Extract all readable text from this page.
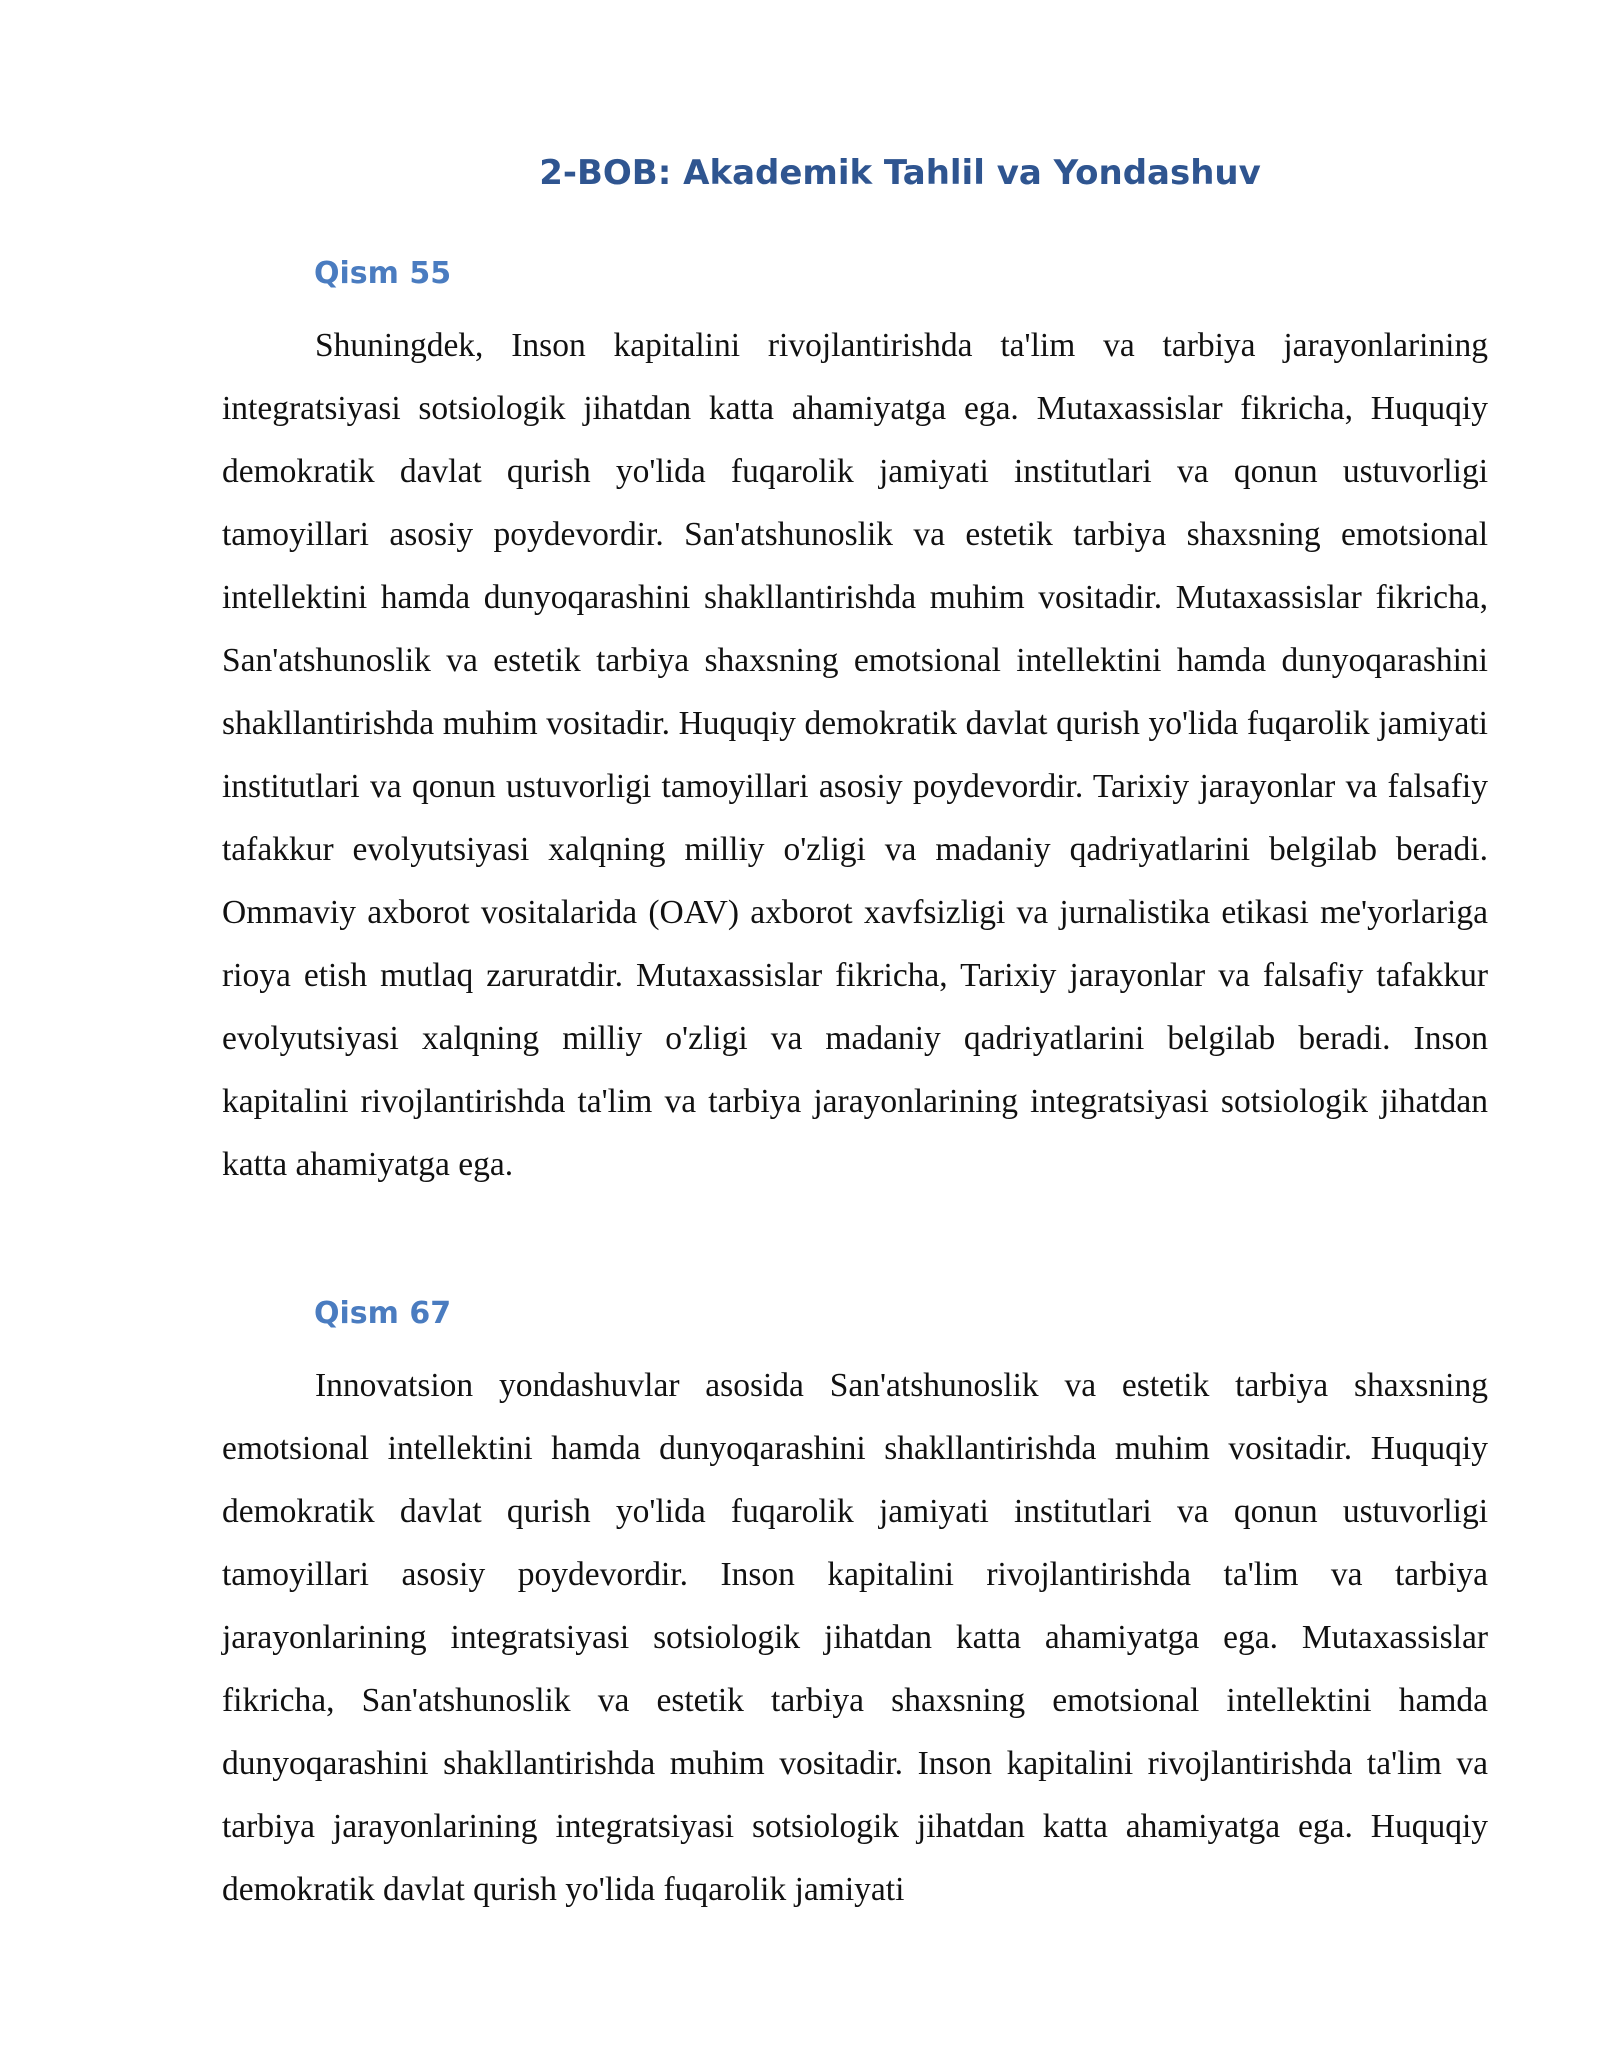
2-BOB: Akademik Tahlil va Yondashuv
Qism 55

Shuningdek, Inson kapitalini rivojlantirishda ta'lim va tarbiya jarayonlarining integratsiyasi sotsiologik jihatdan katta ahamiyatga ega. Mutaxassislar fikricha, Huquqiy demokratik davlat qurish yo'lida fuqarolik jamiyati institutlari va qonun ustuvorligi tamoyillari asosiy poydevordir. San'atshunoslik va estetik tarbiya shaxsning emotsional intellektini hamda dunyoqarashini shakllantirishda muhim vositadir. Mutaxassislar fikricha, San'atshunoslik va estetik tarbiya shaxsning emotsional intellektini hamda dunyoqarashini shakllantirishda muhim vositadir. Huquqiy demokratik davlat qurish yo'lida fuqarolik jamiyati institutlari va qonun ustuvorligi tamoyillari asosiy poydevordir. Tarixiy jarayonlar va falsafiy tafakkur evolyutsiyasi xalqning milliy o'zligi va madaniy qadriyatlarini belgilab beradi. Ommaviy axborot vositalarida (OAV) axborot xavfsizligi va jurnalistika etikasi me'yorlariga rioya etish mutlaq zaruratdir. Mutaxassislar fikricha, Tarixiy jarayonlar va falsafiy tafakkur evolyutsiyasi xalqning milliy o'zligi va madaniy qadriyatlarini belgilab beradi. Inson kapitalini rivojlantirishda ta'lim va tarbiya jarayonlarining integratsiyasi sotsiologik jihatdan katta ahamiyatga ega.

Qism 67

Innovatsion yondashuvlar asosida San'atshunoslik va estetik tarbiya shaxsning emotsional intellektini hamda dunyoqarashini shakllantirishda muhim vositadir. Huquqiy demokratik davlat qurish yo'lida fuqarolik jamiyati institutlari va qonun ustuvorligi tamoyillari asosiy poydevordir. Inson kapitalini rivojlantirishda ta'lim va tarbiya jarayonlarining integratsiyasi sotsiologik jihatdan katta ahamiyatga ega. Mutaxassislar fikricha, San'atshunoslik va estetik tarbiya shaxsning emotsional intellektini hamda dunyoqarashini shakllantirishda muhim vositadir. Inson kapitalini rivojlantirishda ta'lim va tarbiya jarayonlarining integratsiyasi sotsiologik jihatdan katta ahamiyatga ega. Huquqiy demokratik davlat qurish yo'lida fuqarolik jamiyati
